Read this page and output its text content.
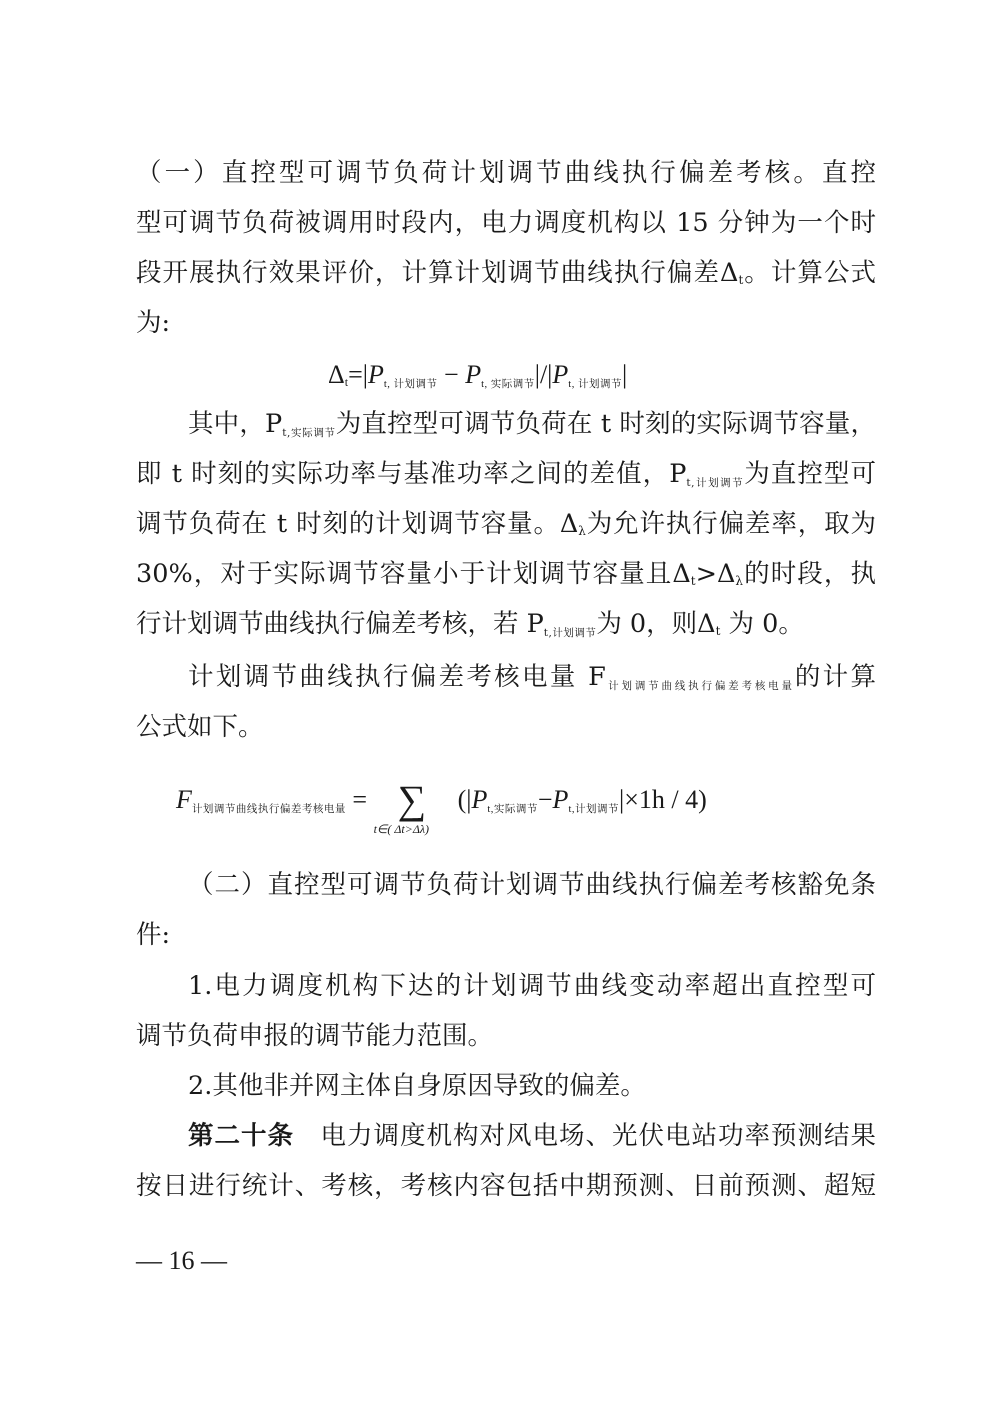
（一）直控型可调节负荷计划调节曲线执行偏差考核。直控
型可调节负荷被调用时段内，电力调度机构以 15 分钟为一个时
段开展执行效果评价，计算计划调节曲线执行偏差$\Delta_t$。计算公式
为:
$\Delta_t=|P_{t, 计划调节} - P_{t, 实际调节}|/|P_{t, 计划调节}|$
其中，$P_{t,实际调节}$为直控型可调节负荷在 t 时刻的实际调节容量，
即 t 时刻的实际功率与基准功率之间的差值，$P_{t,计划调节}$为直控型可
调节负荷在 t 时刻的计划调节容量。$\Delta_\lambda$为允许执行偏差率，取为
30%，对于实际调节容量小于计划调节容量且$\Delta_t>\Delta_\lambda$的时段，执
行计划调节曲线执行偏差考核，若 $P_{t,计划调节}$为 0，则$\Delta_t$ 为 0。
计划调节曲线执行偏差考核电量 $F_{计划调节曲线执行偏差考核电量}$的计算
公式如下。
$F_{计划调节曲线执行偏差考核电量}$ = ∑
t∈( Δt>Δλ)
$(|P_{t,实际调节}-P_{t,计划调节}|\times 1h / 4)$
（二）直控型可调节负荷计划调节曲线执行偏差考核豁免条
件:
1.电力调度机构下达的计划调节曲线变动率超出直控型可
调节负荷申报的调节能力范围。
2.其他非并网主体自身原因导致的偏差。
第二十条　 电力调度机构对风电场、光伏电站功率预测结果
按日进行统计、考核，考核内容包括中期预测、日前预测、超短
— 16 —
